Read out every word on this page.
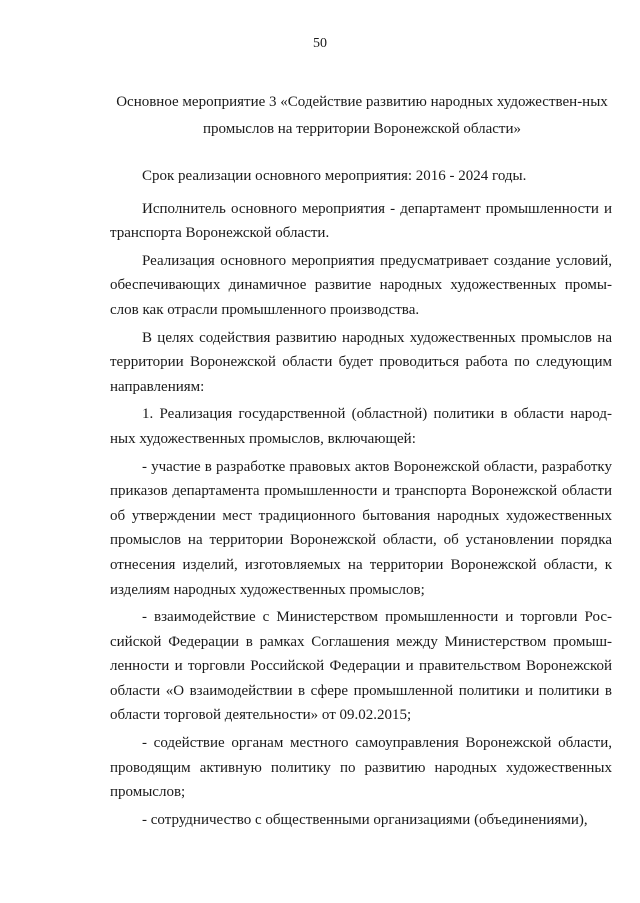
50
Основное мероприятие 3 «Содействие развитию народных художествен-ных промыслов на территории Воронежской области»

Срок реализации основного мероприятия: 2016 - 2024 годы.

Исполнитель основного мероприятия - департамент промышленности и транспорта Воронежской области.

Реализация основного мероприятия предусматривает создание условий, обеспечивающих динамичное развитие народных художественных промы-слов как отрасли промышленного производства.

В целях содействия развитию народных художественных промыслов на территории Воронежской области будет проводиться работа по следующим направлениям:

1. Реализация государственной (областной) политики в области народ-ных художественных промыслов, включающей:

- участие в разработке правовых актов Воронежской области, разработку приказов департамента промышленности и транспорта Воронежской области об утверждении мест традиционного бытования народных художественных промыслов на территории Воронежской области, об установлении порядка отнесения изделий, изготовляемых на территории Воронежской области, к изделиям народных художественных промыслов;

- взаимодействие с Министерством промышленности и торговли Рос-сийской Федерации в рамках Соглашения между Министерством промыш-ленности и торговли Российской Федерации и правительством Воронежской области «О взаимодействии в сфере промышленной политики и политики в области торговой деятельности» от 09.02.2015;

- содействие органам местного самоуправления Воронежской области, проводящим активную политику по развитию народных художественных промыслов;

- сотрудничество с общественными организациями (объединениями),
